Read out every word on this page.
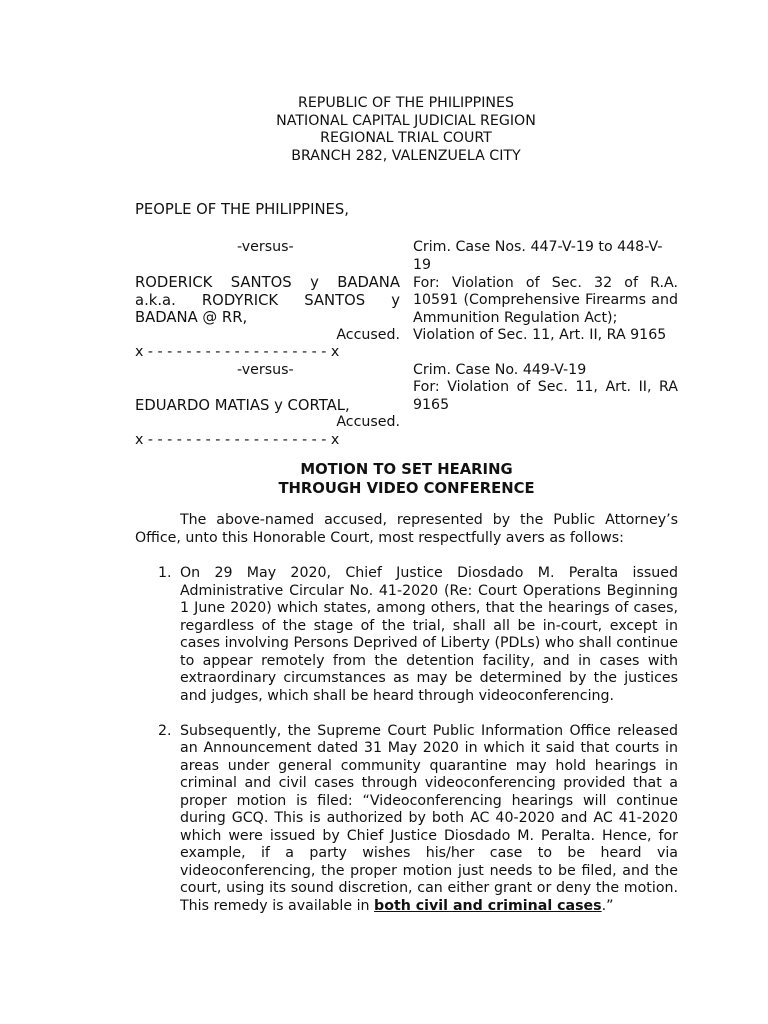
REPUBLIC OF THE PHILIPPINES
NATIONAL CAPITAL JUDICIAL REGION
REGIONAL TRIAL COURT
BRANCH 282, VALENZUELA CITY
PEOPLE OF THE PHILIPPINES,
-versus-
RODERICK SANTOS y BADANA
a.k.a. RODYRICK SANTOS y
BADANA @ RR,
Accused.
x - - - - - - - - - - - - - - - - - - - x
Crim. Case Nos. 447-V-19 to 448-V-
19
For: Violation of Sec. 32 of R.A. 10591 (Comprehensive Firearms and Ammunition Regulation Act);
Violation of Sec. 11, Art. II, RA 9165
-versus-
EDUARDO MATIAS y CORTAL,
Accused.
x - - - - - - - - - - - - - - - - - - - x
Crim. Case No. 449-V-19
For: Violation of Sec. 11, Art. II, RA 9165
MOTION TO SET HEARING
THROUGH VIDEO CONFERENCE

The above-named accused, represented by the Public Attorney’s Office, unto this Honorable Court, most respectfully avers as follows:

1. On 29 May 2020, Chief Justice Diosdado M. Peralta issued Administrative Circular No. 41-2020 (Re: Court Operations Beginning 1 June 2020) which states, among others, that the hearings of cases, regardless of the stage of the trial, shall all be in-court, except in cases involving Persons Deprived of Liberty (PDLs) who shall continue to appear remotely from the detention facility, and in cases with extraordinary circumstances as may be determined by the justices and judges, which shall be heard through videoconferencing.
2. Subsequently, the Supreme Court Public Information Office released an Announcement dated 31 May 2020 in which it said that courts in areas under general community quarantine may hold hearings in criminal and civil cases through videoconferencing provided that a proper motion is filed: “Videoconferencing hearings will continue during GCQ. This is authorized by both AC 40-2020 and AC 41-2020 which were issued by Chief Justice Diosdado M. Peralta. Hence, for example, if a party wishes his/her case to be heard via videoconferencing, the proper motion just needs to be filed, and the court, using its sound discretion, can either grant or deny the motion. This remedy is available in both civil and criminal cases.”
